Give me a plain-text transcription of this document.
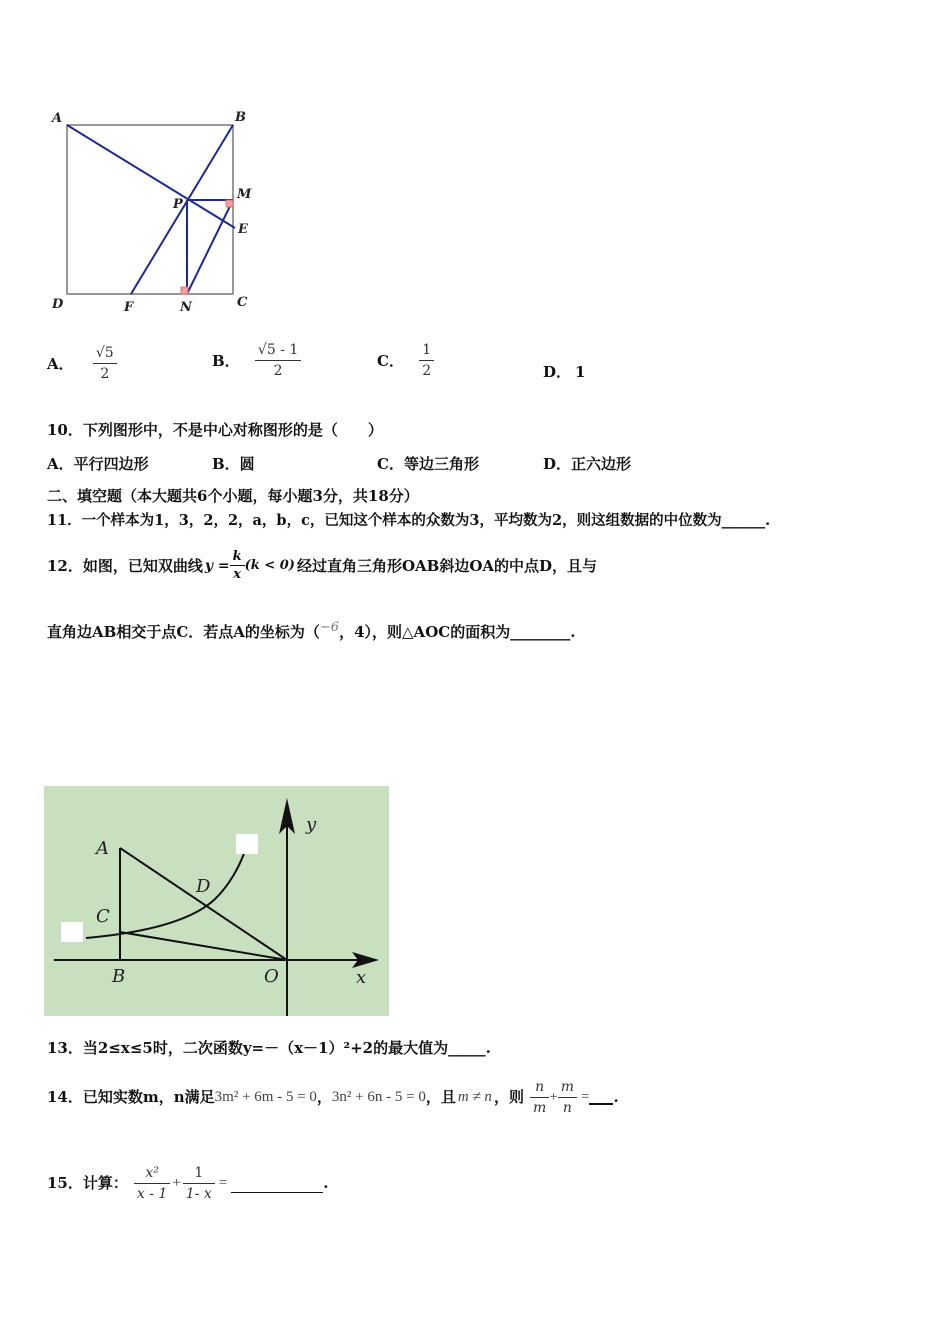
A	B
M
P
E
D	F	N	C
A． $\frac{√5}{2}$	B． $\frac{√5 - 1}{2}$	C． $\frac{1}{2}$	D． 1
10．下列图形中，不是中心对称图形的是（　　）
A．平行四边形	B．圆	C．等边三角形	D．正六边形
二、填空题（本大题共6个小题，每小题3分，共18分）
11．一个样本为1，3，2，2，a，b，c，已知这个样本的众数为3，平均数为2，则这组数据的中位数为______.
12．如图，已知双曲线 $y = \frac{k}{x} (k < 0)$ 经过直角三角形OAB斜边OA的中点D，且与
直角边AB相交于点C．若点A的坐标为（−6，4），则△AOC的面积为________.
y
x
A
D
C
B	O
13．当2≤x≤5时，二次函数y=－（x－1）²+2的最大值为_____.
14．已知实数m，n满足 3m² + 6m - 5 = 0 ， 3n² + 6n - 5 = 0 ，且 m ≠ n ，则 $\frac{n}{m} + \frac{m}{n}$ = .
15．计算： $\frac{\text{x²}}{x - 1} + \frac{1}{1- x}$ =	.
